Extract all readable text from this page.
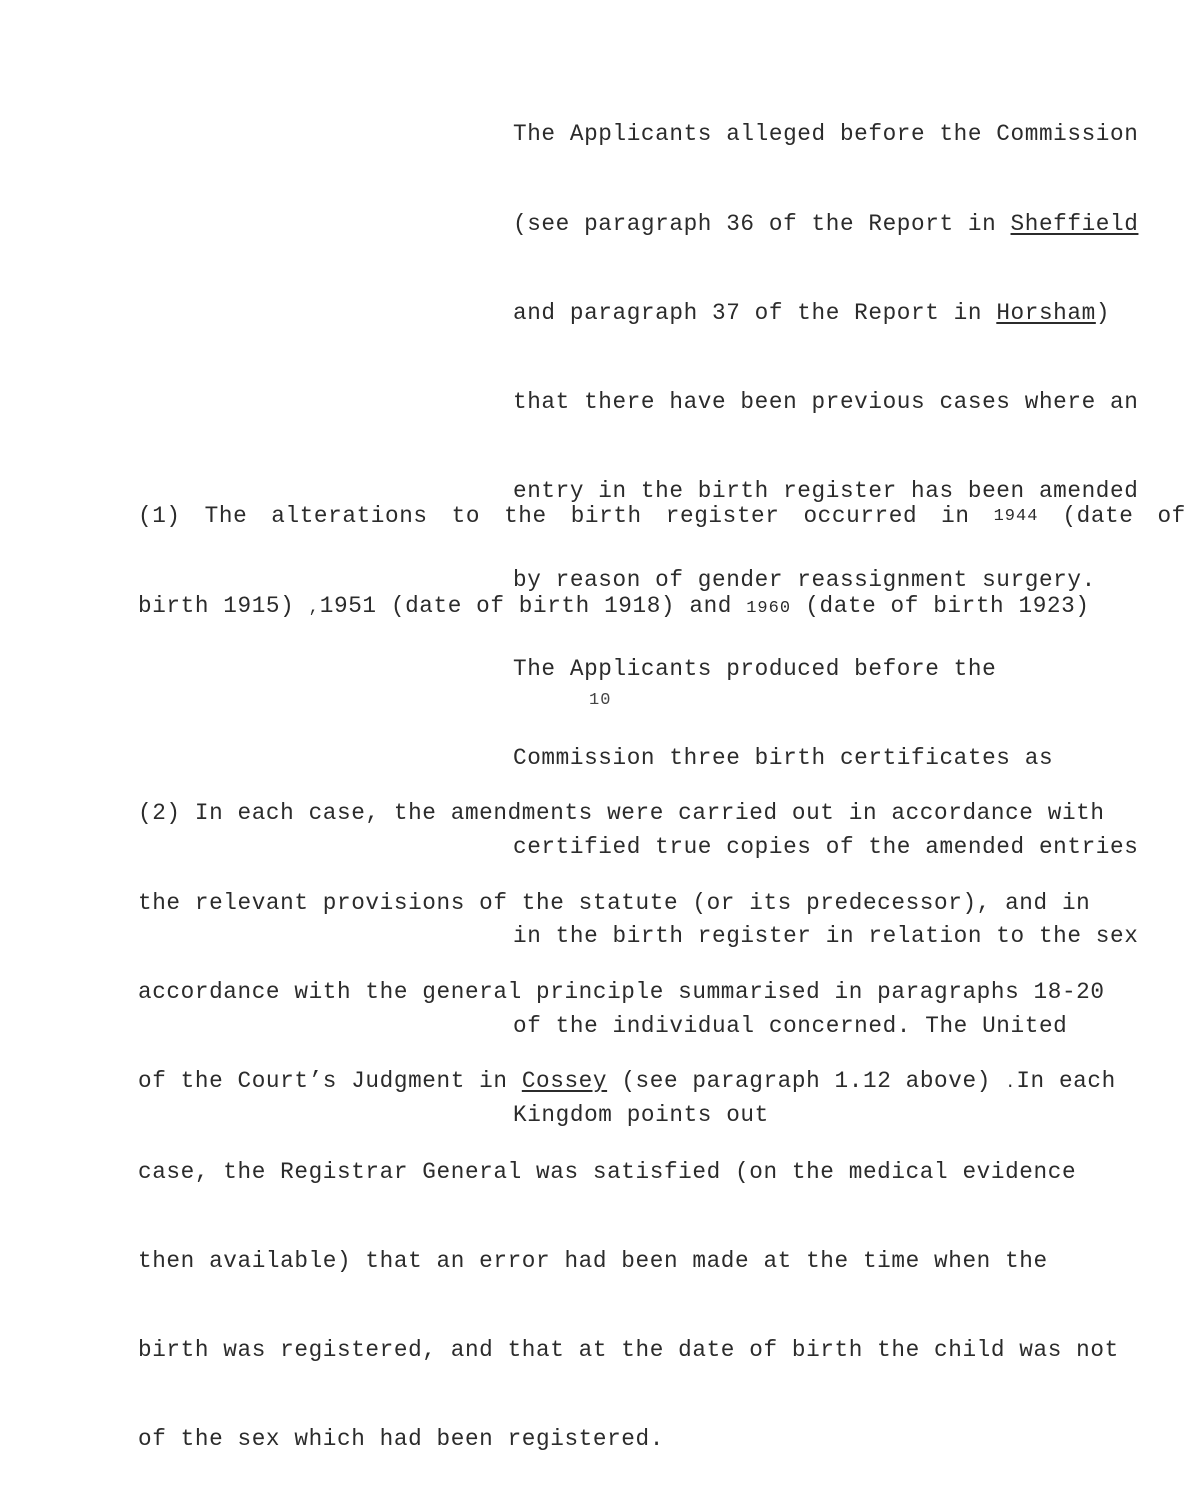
The Applicants alleged before the Commission

(see paragraph 36 of the Report in Sheffield

and paragraph 37 of the Report in Horsham)

that there have been previous cases where an

entry in the birth register has been amended

by reason of gender reassignment surgery.

The Applicants produced before the

Commission three birth certificates as

certified true copies of the amended entries

in the birth register in relation to the sex

of the individual concerned. The United

Kingdom points out

(1) The alterations to the birth register occurred in 1944 (date of

birth 1915) ,1951 (date of birth 1918) and 1960 (date of birth 1923)

10

(2) In each case, the amendments were carried out in accordance with

the relevant provisions of the statute (or its predecessor), and in

accordance with the general principle summarised in paragraphs 18-20

of the Court’s Judgment in Cossey (see paragraph 1.12 above) .In each

case, the Registrar General was satisfied (on the medical evidence

then available) that an error had been made at the time when the

birth was registered, and that at the date of birth the child was not

of the sex which had been registered.
